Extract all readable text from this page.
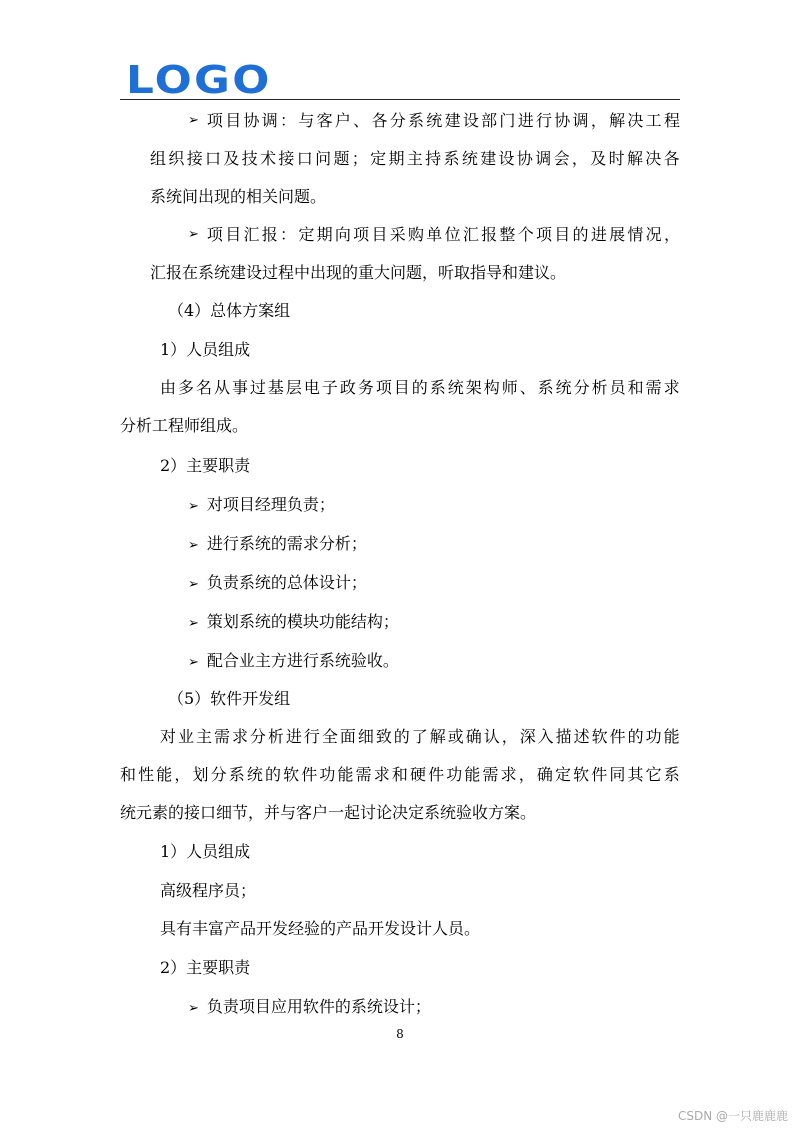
LOGO
➢ 项 目 协 调 ： 与 客 户 、 各 分 系 统 建 设 部 门 进 行 协 调 ， 解 决 工 程
组 织 接 口 及 技 术 接 口 问 题 ； 定 期 主 持 系 统 建 设 协 调 会 ， 及 时 解 决 各
系统间出现的相关问题。
➢ 项 目 汇 报 ： 定 期 向 项 目 采 购 单 位 汇 报 整 个 项 目 的 进 展 情 况 ，
汇报在系统建设过程中出现的重大问题，听取指导和建议。
（4）总体方案组
1）人员组成
由 多 名 从 事 过 基 层 电 子 政 务 项 目 的 系 统 架 构 师 、 系 统 分 析 员 和 需 求
分析工程师组成。
2）主要职责
➢ 对项目经理负责；
➢ 进行系统的需求分析；
➢ 负责系统的总体设计；
➢ 策划系统的模块功能结构；
➢ 配合业主方进行系统验收。
（5）软件开发组
对 业 主 需 求 分 析 进 行 全 面 细 致 的 了 解 或 确 认 ， 深 入 描 述 软 件 的 功 能
和 性 能 ， 划 分 系 统 的 软 件 功 能 需 求 和 硬 件 功 能 需 求 ， 确 定 软 件 同 其 它 系
统元素的接口细节，并与客户一起讨论决定系统验收方案。
1）人员组成
高级程序员；
具有丰富产品开发经验的产品开发设计人员。
2）主要职责
➢ 负责项目应用软件的系统设计；
8
CSDN @一只鹿鹿鹿
